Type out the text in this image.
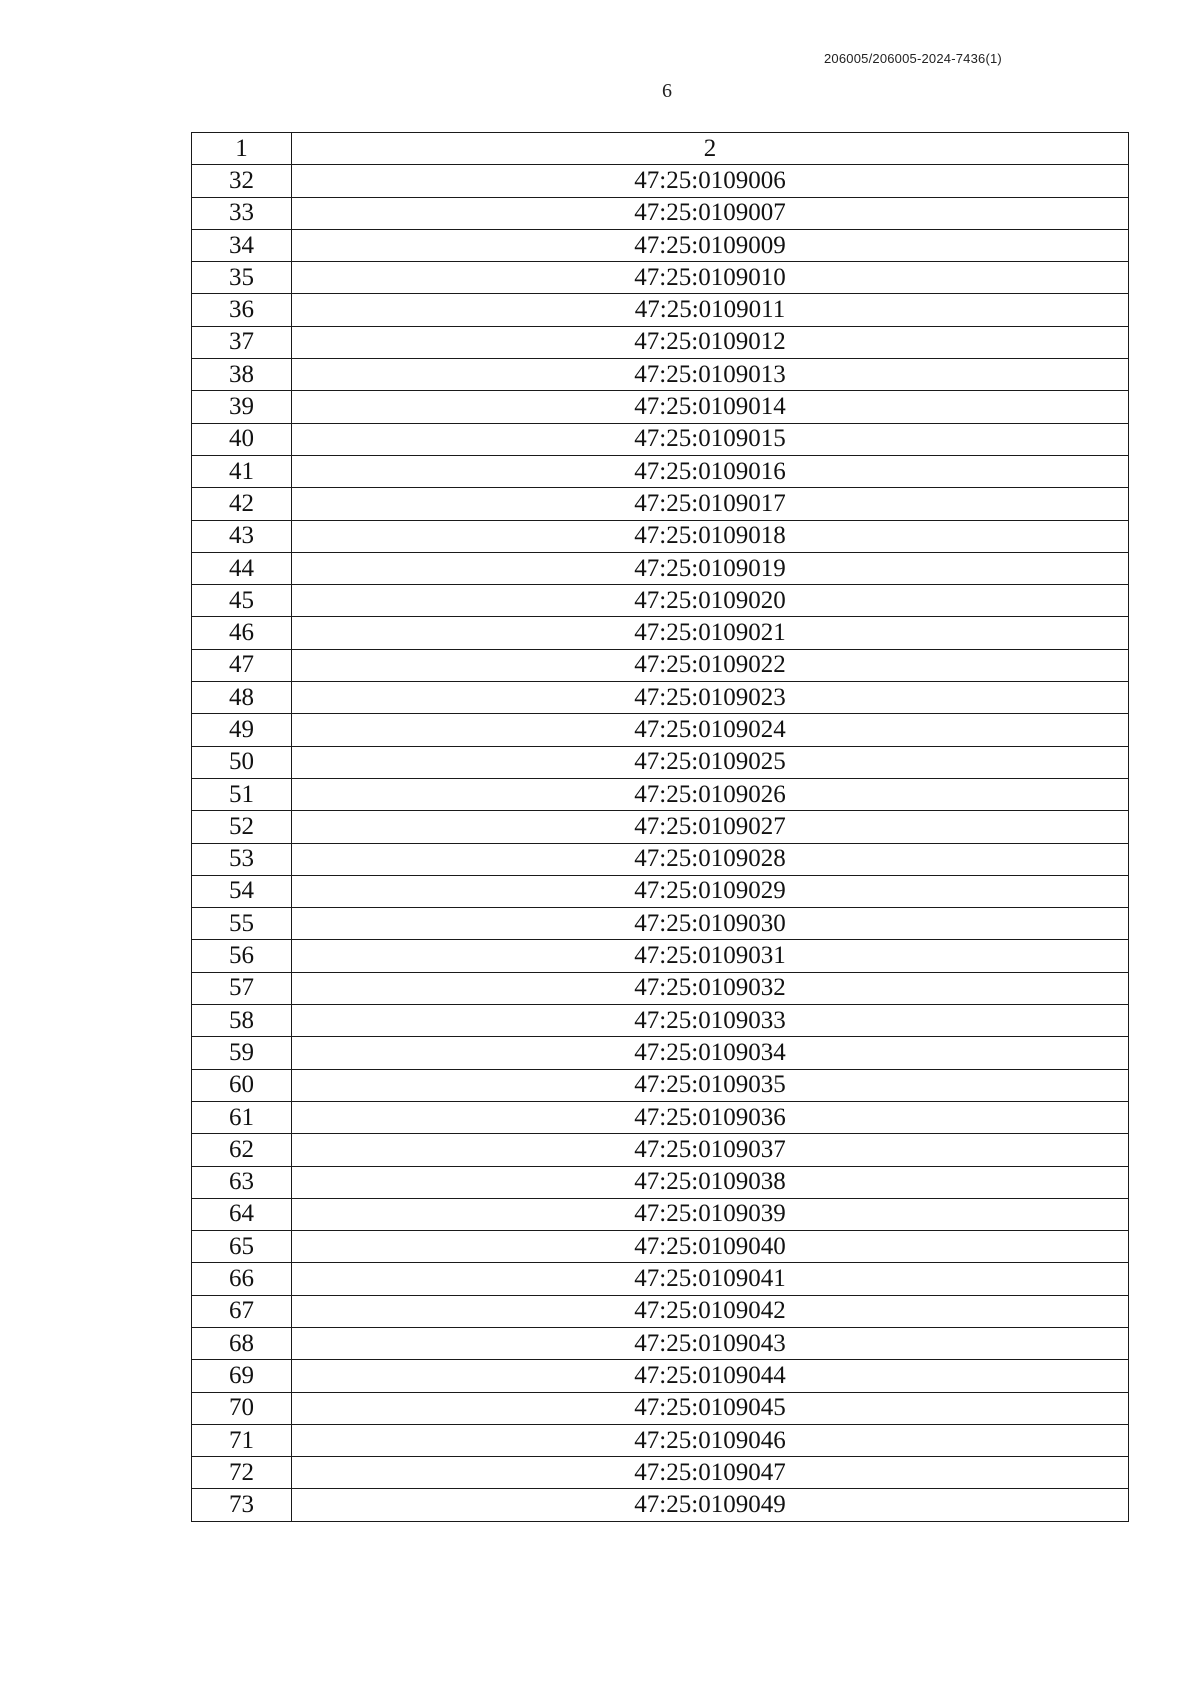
206005/206005-2024-7436(1)
6
1	2
32	47:25:0109006
33	47:25:0109007
34	47:25:0109009
35	47:25:0109010
36	47:25:0109011
37	47:25:0109012
38	47:25:0109013
39	47:25:0109014
40	47:25:0109015
41	47:25:0109016
42	47:25:0109017
43	47:25:0109018
44	47:25:0109019
45	47:25:0109020
46	47:25:0109021
47	47:25:0109022
48	47:25:0109023
49	47:25:0109024
50	47:25:0109025
51	47:25:0109026
52	47:25:0109027
53	47:25:0109028
54	47:25:0109029
55	47:25:0109030
56	47:25:0109031
57	47:25:0109032
58	47:25:0109033
59	47:25:0109034
60	47:25:0109035
61	47:25:0109036
62	47:25:0109037
63	47:25:0109038
64	47:25:0109039
65	47:25:0109040
66	47:25:0109041
67	47:25:0109042
68	47:25:0109043
69	47:25:0109044
70	47:25:0109045
71	47:25:0109046
72	47:25:0109047
73	47:25:0109049
